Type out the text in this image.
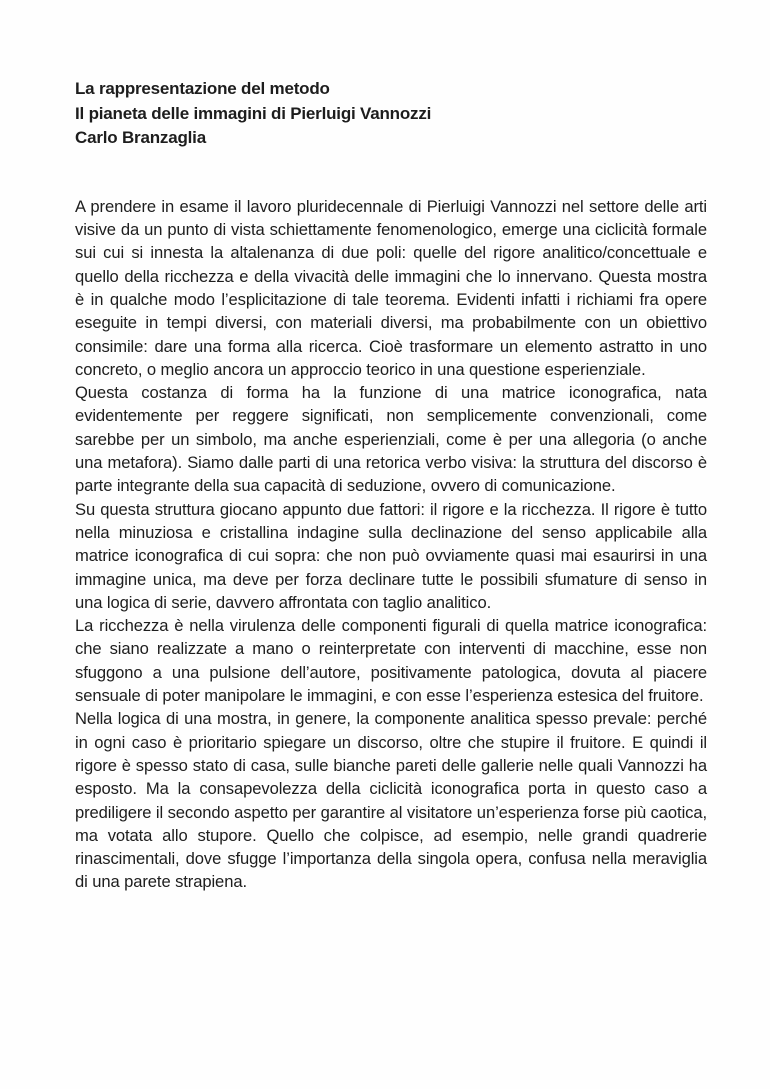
La rappresentazione del metodo
Il pianeta delle immagini di Pierluigi Vannozzi
Carlo Branzaglia

A prendere in esame il lavoro pluridecennale di Pierluigi Vannozzi nel settore delle arti visive da un punto di vista schiettamente fenomenologico, emerge una ciclicità formale sui cui si innesta la altalenanza di due poli: quelle del rigore analitico/concettuale e quello della ricchezza e della vivacità delle immagini che lo innervano. Questa mostra è in qualche modo l’esplicitazione di tale teorema. Evidenti infatti i richiami fra opere eseguite in tempi diversi, con materiali diversi, ma probabilmente con un obiettivo consimile: dare una forma alla ricerca. Cioè trasformare un elemento astratto in uno concreto, o meglio ancora un approccio teorico in una questione esperienziale.

Questa costanza di forma ha la funzione di una matrice iconografica, nata evidentemente per reggere significati, non semplicemente convenzionali, come sarebbe per un simbolo, ma anche esperienziali, come è per una allegoria (o anche una metafora). Siamo dalle parti di una retorica verbo visiva: la struttura del discorso è parte integrante della sua capacità di seduzione, ovvero di comunicazione.

Su questa struttura giocano appunto due fattori: il rigore e la ricchezza. Il rigore è tutto nella minuziosa e cristallina indagine sulla declinazione del senso applicabile alla matrice iconografica di cui sopra: che non può ovviamente quasi mai esaurirsi in una immagine unica, ma deve per forza declinare tutte le possibili sfumature di senso in una logica di serie, davvero affrontata con taglio analitico.

La ricchezza è nella virulenza delle componenti figurali di quella matrice iconografica: che siano realizzate a mano o reinterpretate con interventi di macchine, esse non sfuggono a una pulsione dell’autore, positivamente patologica, dovuta al piacere sensuale di poter manipolare le immagini, e con esse l’esperienza estesica del fruitore.

Nella logica di una mostra, in genere, la componente analitica spesso prevale: perché in ogni caso è prioritario spiegare un discorso, oltre che stupire il fruitore. E quindi il rigore è spesso stato di casa, sulle bianche pareti delle gallerie nelle quali Vannozzi ha esposto. Ma la consapevolezza della ciclicità iconografica porta in questo caso a prediligere il secondo aspetto per garantire al visitatore un’esperienza forse più caotica, ma votata allo stupore. Quello che colpisce, ad esempio, nelle grandi quadrerie rinascimentali, dove sfugge l’importanza della singola opera, confusa nella meraviglia di una parete strapiena.
